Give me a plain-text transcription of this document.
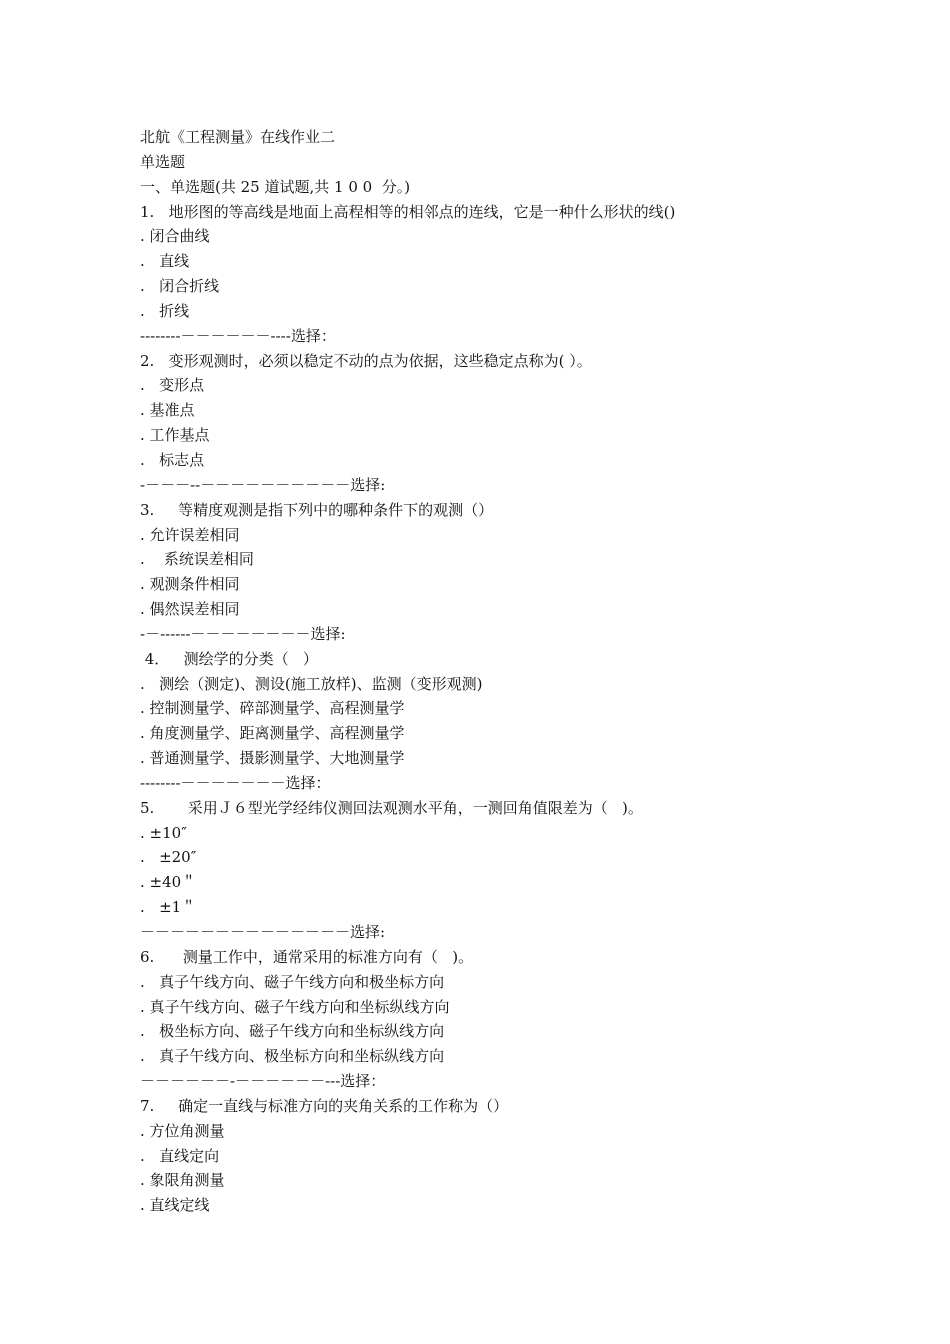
北航《工程测量》在线作业二
单选题
一、单选题(共 25 道试题,共 1 0 0  分。)
1.   地形图的等高线是地面上高程相等的相邻点的连线，它是一种什么形状的线()
. 闭合曲线
.   直线
.   闭合折线
.   折线
--------－－－－－－----选择：
2.   变形观测时，必须以稳定不动的点为依据，这些稳定点称为( ）。
.   变形点
. 基准点
. 工作基点
.   标志点
-－－－--－－－－－－－－－－选择:
3.     等精度观测是指下列中的哪种条件下的观测（）
. 允许误差相同
.    系统误差相同
. 观测条件相同
. 偶然误差相同
-－------－－－－－－－－选择:
4．   测绘学的分类（   ）
.   测绘（测定)、测设(施工放样)、监测（变形观测)
. 控制测量学、碎部测量学、高程测量学
. 角度测量学、距离测量学、高程测量学
. 普通测量学、摄影测量学、大地测量学
--------－－－－－－－选择：
5.       采用Ｊ６型光学经纬仪测回法观测水平角，一测回角值限差为（   )。
. ±10″
.   ±20″
. ±40＂
.   ±1＂
－－－－－－－－－－－－－－选择:
6.      测量工作中，通常采用的标准方向有（   )。
.   真子午线方向、磁子午线方向和极坐标方向
. 真子午线方向、磁子午线方向和坐标纵线方向
.   极坐标方向、磁子午线方向和坐标纵线方向
.   真子午线方向、极坐标方向和坐标纵线方向
－－－－－－-－－－－－－---选择：
7.     确定一直线与标准方向的夹角关系的工作称为（）
. 方位角测量
.   直线定向
. 象限角测量
. 直线定线
